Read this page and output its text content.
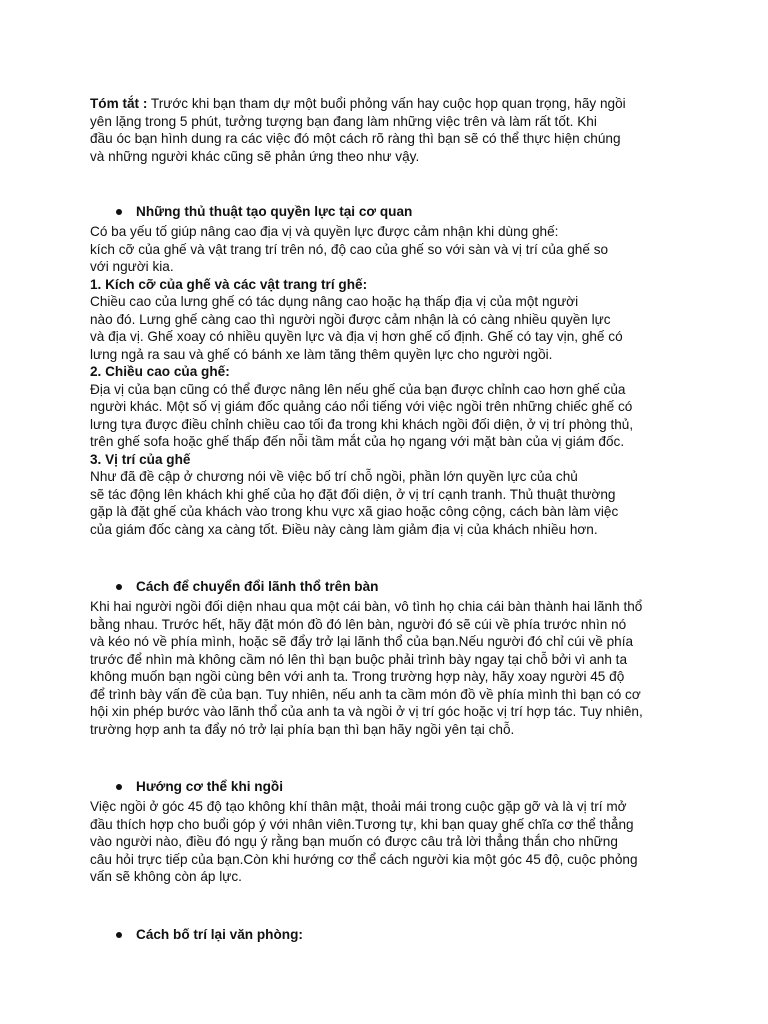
Tóm tắt : Trước khi bạn tham dự một buổi phỏng vấn hay cuộc họp quan trọng, hãy ngồi
yên lặng trong 5 phút, tưởng tượng bạn đang làm những việc trên và làm rất tốt. Khi
đầu óc bạn hình dung ra các việc đó một cách rõ ràng thì bạn sẽ có thể thực hiện chúng
và những người khác cũng sẽ phản ứng theo như vậy.

Những thủ thuật tạo quyền lực tại cơ quan

Có ba yếu tố giúp nâng cao địa vị và quyền lực được cảm nhận khi dùng ghế:
kích cỡ của ghế và vật trang trí trên nó, độ cao của ghế so với sàn và vị trí của ghế so
với người kia.

1. Kích cỡ của ghế và các vật trang trí ghế:

Chiều cao của lưng ghế có tác dụng nâng cao hoặc hạ thấp địa vị của một người
nào đó. Lưng ghế càng cao thì người ngồi được cảm nhận là có càng nhiều quyền lực
và địa vị. Ghế xoay có nhiều quyền lực và địa vị hơn ghế cố định. Ghế có tay vịn, ghế có
lưng ngả ra sau và ghế có bánh xe làm tăng thêm quyền lực cho người ngồi.

2. Chiều cao của ghế:

Địa vị của bạn cũng có thể được nâng lên nếu ghế của bạn được chỉnh cao hơn ghế của
người khác. Một số vị giám đốc quảng cáo nổi tiếng với việc ngồi trên những chiếc ghế có
lưng tựa được điều chỉnh chiều cao tối đa trong khi khách ngồi đối diện, ở vị trí phòng thủ,
trên ghế sofa hoặc ghế thấp đến nỗi tầm mắt của họ ngang với mặt bàn của vị giám đốc.

3. Vị trí của ghế

Như đã đề cập ở chương nói về việc bố trí chỗ ngồi, phần lớn quyền lực của chủ
sẽ tác động lên khách khi ghế của họ đặt đối diện, ở vị trí cạnh tranh. Thủ thuật thường
gặp là đặt ghế của khách vào trong khu vực xã giao hoặc công cộng, cách bàn làm việc
của giám đốc càng xa càng tốt. Điều này càng làm giảm địa vị của khách nhiều hơn.

Cách để chuyển đổi lãnh thổ trên bàn

Khi hai người ngồi đối diện nhau qua một cái bàn, vô tình họ chia cái bàn thành hai lãnh thổ
bằng nhau. Trước hết, hãy đặt món đồ đó lên bàn, người đó sẽ cúi về phía trước nhìn nó
và kéo nó về phía mình, hoặc sẽ đẩy trở lại lãnh thổ của bạn.Nếu người đó chỉ cúi về phía
trước để nhìn mà không cầm nó lên thì bạn buộc phải trình bày ngay tại chỗ bởi vì anh ta
không muốn bạn ngồi cùng bên với anh ta. Trong trường hợp này, hãy xoay người 45 độ
để trình bày vấn đề của bạn. Tuy nhiên, nếu anh ta cầm món đồ về phía mình thì bạn có cơ
hội xin phép bước vào lãnh thổ của anh ta và ngồi ở vị trí góc hoặc vị trí hợp tác. Tuy nhiên,
trường hợp anh ta đẩy nó trở lại phía bạn thì bạn hãy ngồi yên tại chỗ.

Hướng cơ thể khi ngồi

Việc ngồi ở góc 45 độ tạo không khí thân mật, thoải mái trong cuộc gặp gỡ và là vị trí mở
đầu thích hợp cho buổi góp ý với nhân viên.Tương tự, khi bạn quay ghế chĩa cơ thể thẳng
vào người nào, điều đó ngụ ý rằng bạn muốn có được câu trả lời thẳng thắn cho những
câu hỏi trực tiếp của bạn.Còn khi hướng cơ thể cách người kia một góc 45 độ, cuộc phỏng
vấn sẽ không còn áp lực.

Cách bố trí lại văn phòng:
